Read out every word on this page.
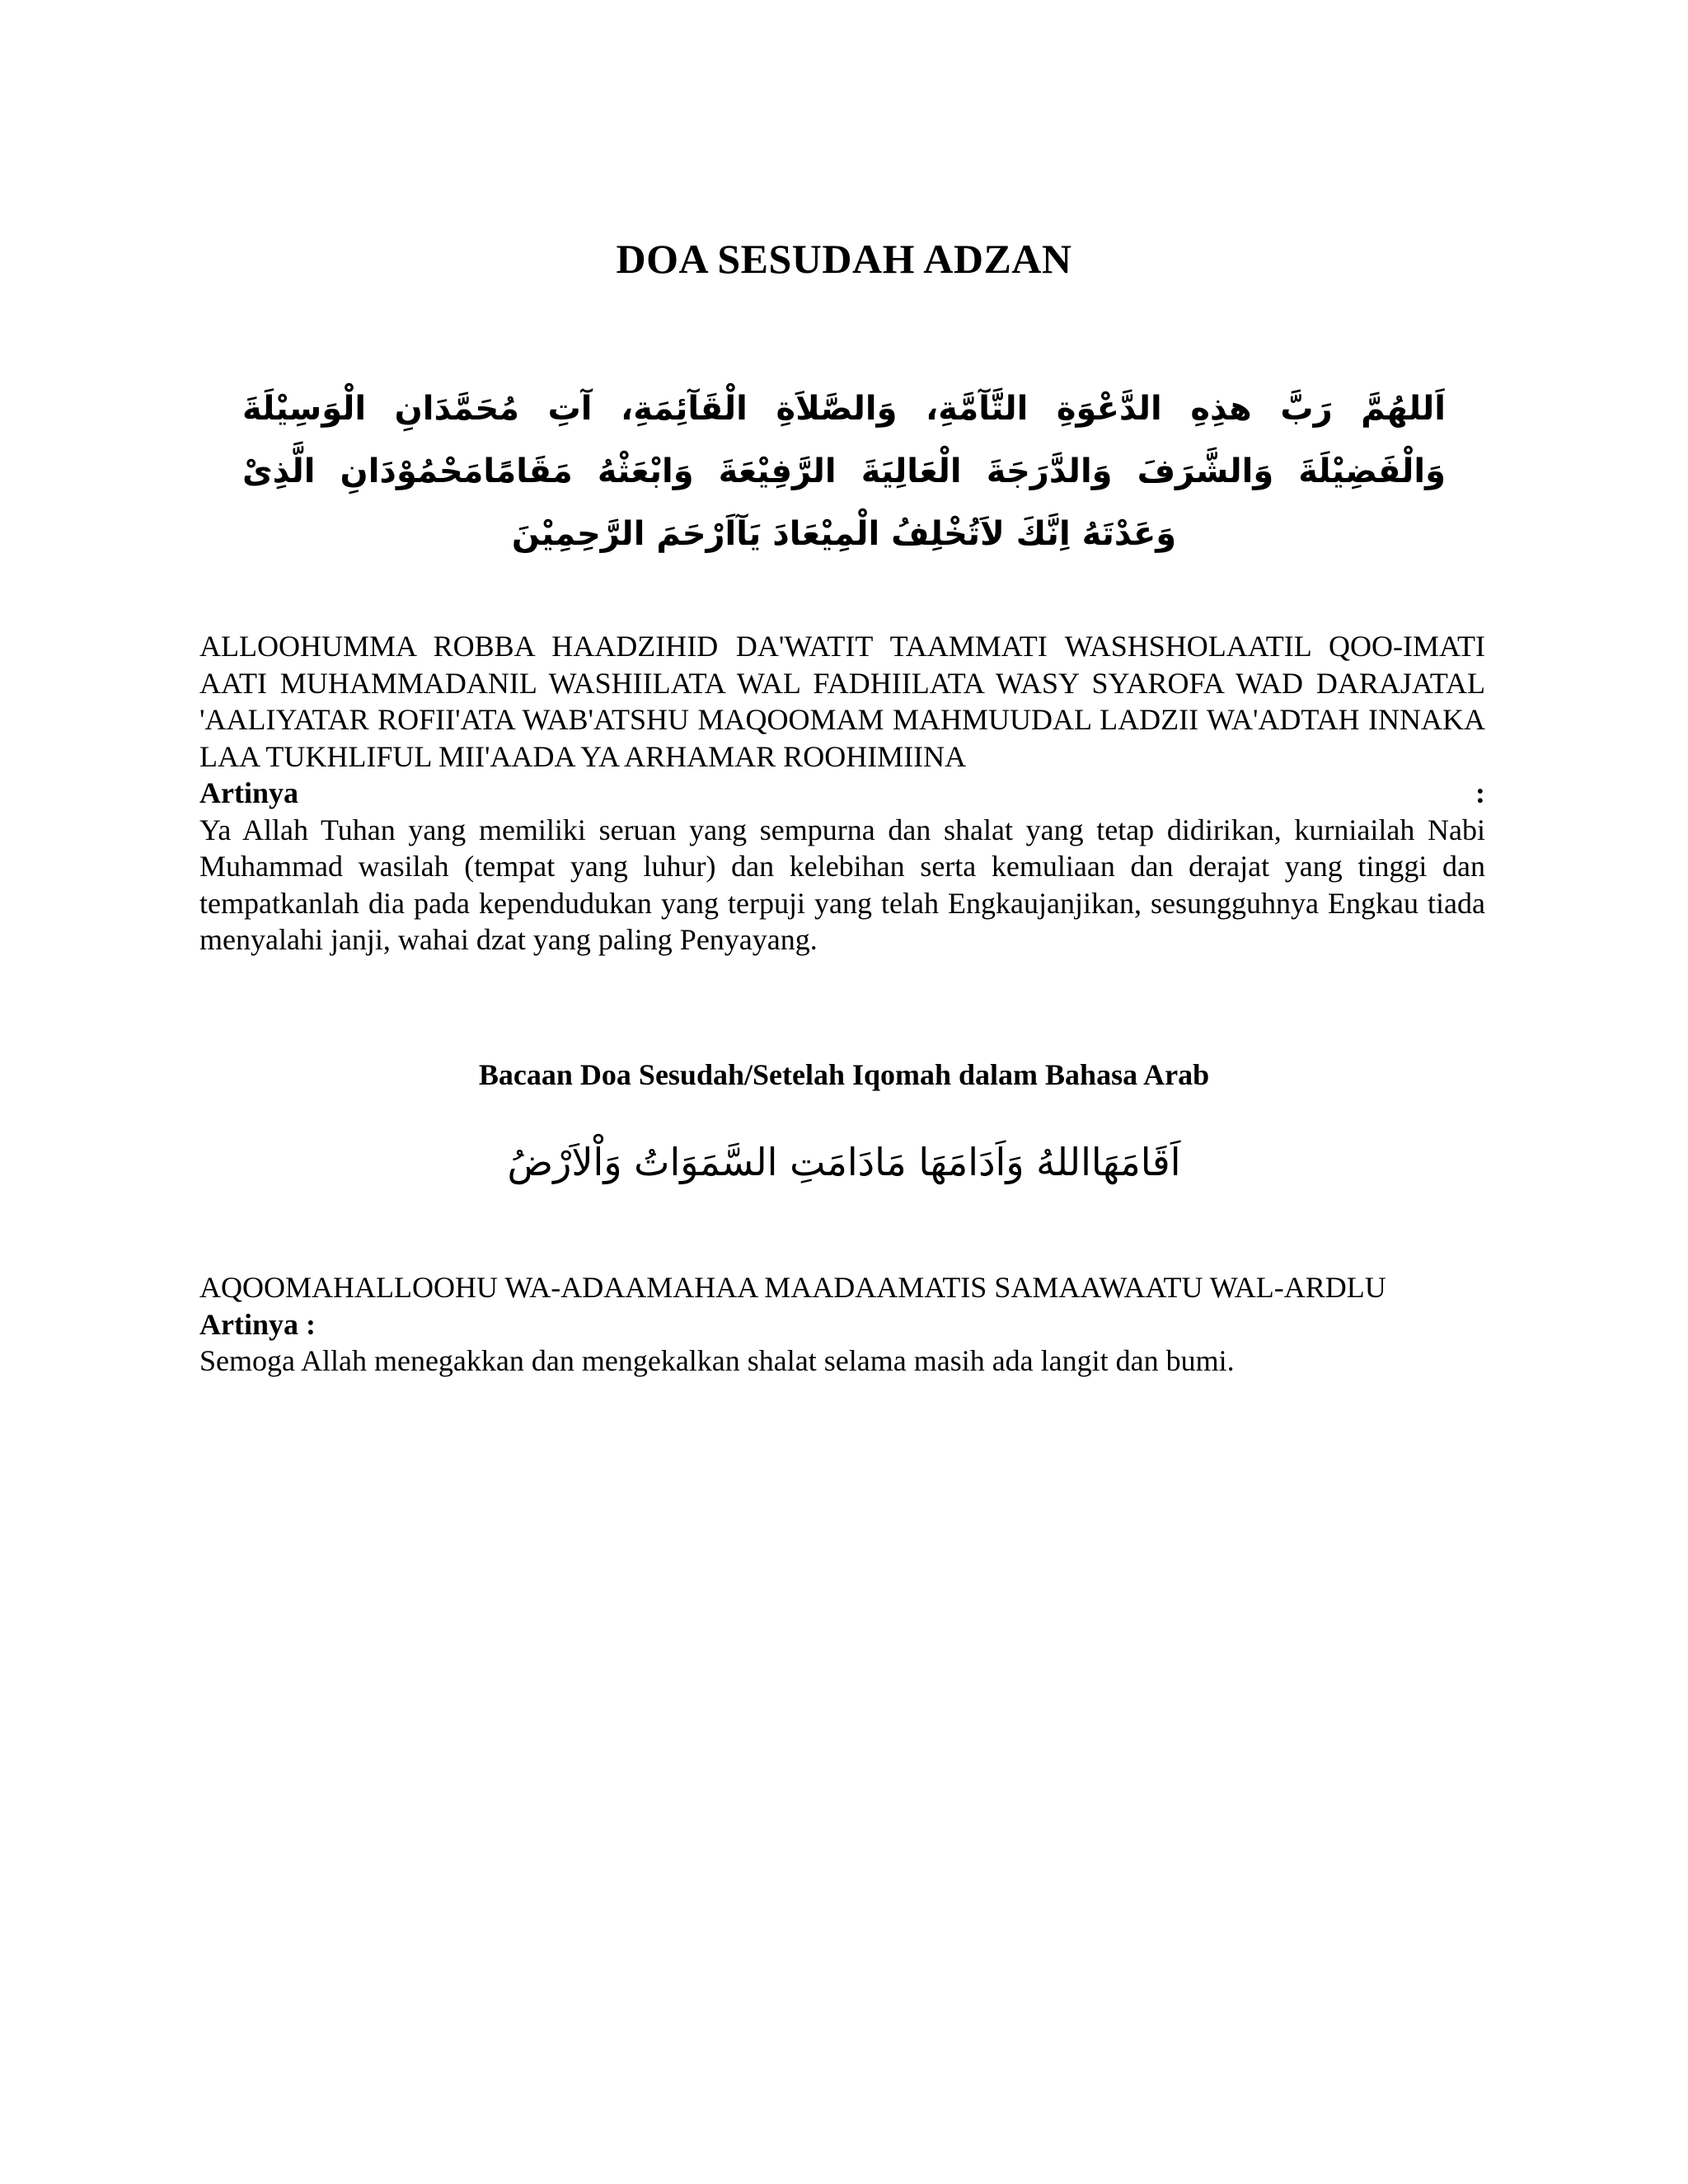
DOA SESUDAH ADZAN
اَللهُمَّ رَبَّ هذِهِ الدَّعْوَةِ التَّآمَّةِ، وَالصَّلاَةِ الْقَآئِمَةِ، آتِ مُحَمَّدَانِ الْوَسِيْلَةَ وَالْفَضِيْلَةَ وَالشَّرَفَ وَالدَّرَجَةَ الْعَالِيَةَ الرَّفِيْعَةَ وَابْعَثْهُ مَقَامًامَحْمُوْدَانِ الَّذِىْ وَعَدْتَهُ اِنَّكَ لاَتُخْلِفُ الْمِيْعَادَ يَآاَرْحَمَ الرَّحِمِيْنَ
ALLOOHUMMA ROBBA HAADZIHID DA'WATIT TAAMMATI WASHSHOLAATIL QOO-IMATI AATI MUHAMMADANIL WASHIILATA WAL FADHIILATA WASY SYAROFA WAD DARAJATAL 'AALIYATAR ROFII'ATA WAB'ATSHU MAQOOMAM MAHMUUDAL LADZII WA'ADTAH INNAKA LAA TUKHLIFUL MII'AADA YA ARHAMAR ROOHIMIINA
Artinya	:
Ya Allah Tuhan yang memiliki seruan yang sempurna dan shalat yang tetap didirikan, kurniailah Nabi Muhammad wasilah (tempat yang luhur) dan kelebihan serta kemuliaan dan derajat yang tinggi dan tempatkanlah dia pada kependudukan yang terpuji yang telah Engkaujanjikan, sesungguhnya Engkau tiada menyalahi janji, wahai dzat yang paling Penyayang.
Bacaan Doa Sesudah/Setelah Iqomah dalam Bahasa Arab
اَقَامَهَااللهُ وَاَدَامَهَا مَادَامَتِ السَّمَوَاتُ وَاْلاَرْضُ
AQOOMAHALLOOHU WA-ADAAMAHAA MAADAAMATIS SAMAAWAATU WAL-ARDLU
Artinya :
Semoga Allah menegakkan dan mengekalkan shalat selama masih ada langit dan bumi.
